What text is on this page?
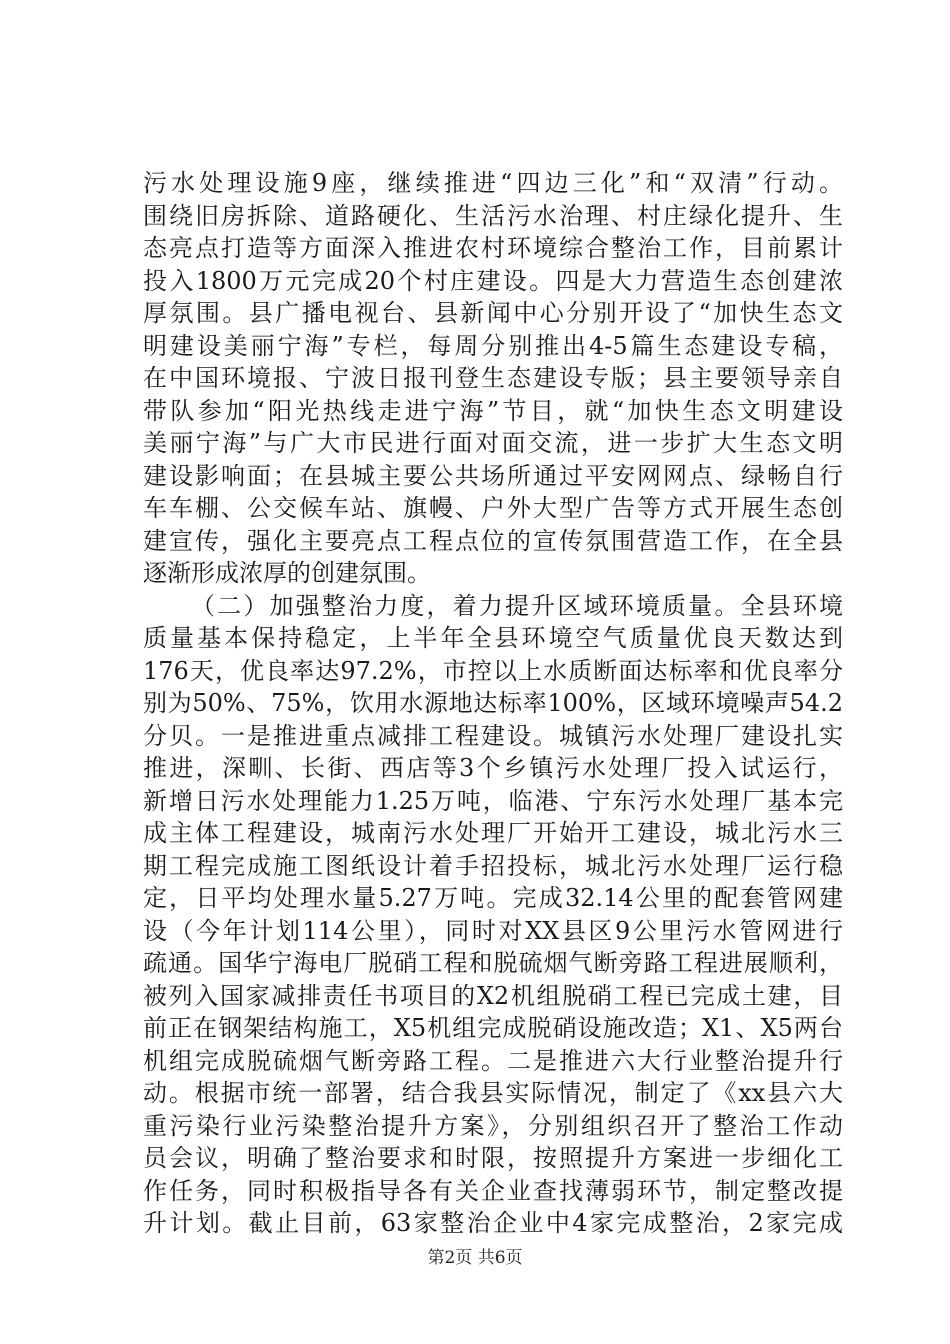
污水处理设施9座，继续推进“四边三化”和“双清”行动。
围绕旧房拆除、道路硬化、生活污水治理、村庄绿化提升、生
态亮点打造等方面深入推进农村环境综合整治工作，目前累计
投入1800万元完成20个村庄建设。四是大力营造生态创建浓
厚氛围。县广播电视台、县新闻中心分别开设了“加快生态文
明建设美丽宁海”专栏，每周分别推出4-5篇生态建设专稿，
在中国环境报、宁波日报刊登生态建设专版；县主要领导亲自
带队参加“阳光热线走进宁海”节目，就“加快生态文明建设
美丽宁海”与广大市民进行面对面交流，进一步扩大生态文明
建设影响面；在县城主要公共场所通过平安网网点、绿畅自行
车车棚、公交候车站、旗幔、户外大型广告等方式开展生态创
建宣传，强化主要亮点工程点位的宣传氛围营造工作，在全县
逐渐形成浓厚的创建氛围。
（二）加强整治力度，着力提升区域环境质量。全县环境
质量基本保持稳定，上半年全县环境空气质量优良天数达到
176天，优良率达97.2%，市控以上水质断面达标率和优良率分
别为50%、75%，饮用水源地达标率100%，区域环境噪声54.2
分贝。一是推进重点减排工程建设。城镇污水处理厂建设扎实
推进，深甽、长街、西店等3个乡镇污水处理厂投入试运行，
新增日污水处理能力1.25万吨，临港、宁东污水处理厂基本完
成主体工程建设，城南污水处理厂开始开工建设，城北污水三
期工程完成施工图纸设计着手招投标，城北污水处理厂运行稳
定，日平均处理水量5.27万吨。完成32.14公里的配套管网建
设（今年计划114公里），同时对XX县区9公里污水管网进行
疏通。国华宁海电厂脱硝工程和脱硫烟气断旁路工程进展顺利，
被列入国家减排责任书项目的X2机组脱硝工程已完成土建，目
前正在钢架结构施工，X5机组完成脱硝设施改造；X1、X5两台
机组完成脱硫烟气断旁路工程。二是推进六大行业整治提升行
动。根据市统一部署，结合我县实际情况，制定了《xx县六大
重污染行业污染整治提升方案》，分别组织召开了整治工作动
员会议，明确了整治要求和时限，按照提升方案进一步细化工
作任务，同时积极指导各有关企业查找薄弱环节，制定整改提
升计划。截止目前，63家整治企业中4家完成整治，2家完成
第2页 共6页
